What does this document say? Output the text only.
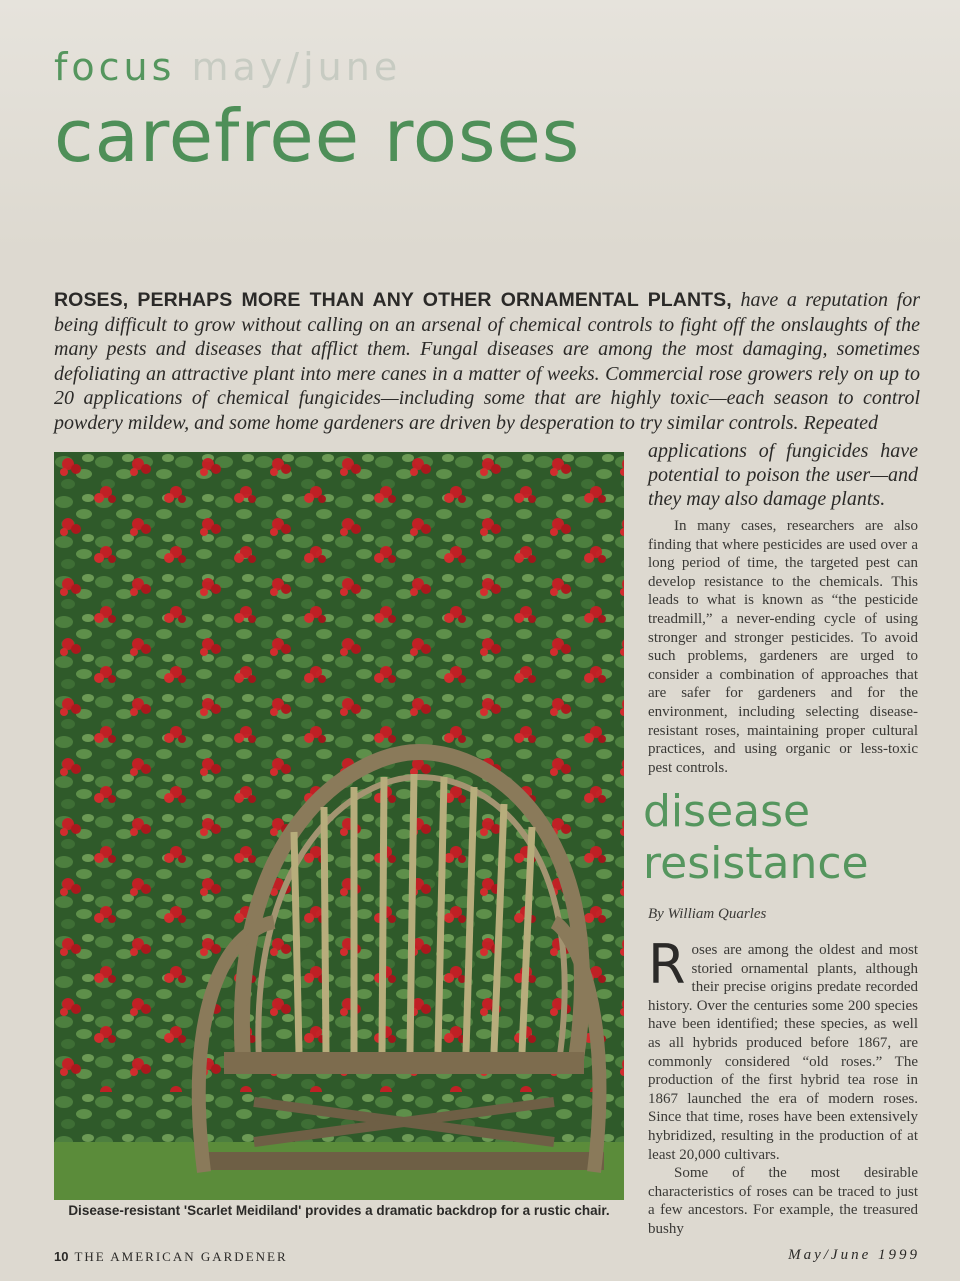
focus may/june
carefree roses
ROSES, PERHAPS MORE THAN ANY OTHER ORNAMENTAL PLANTS, have a reputation for being difficult to grow without calling on an arsenal of chemical controls to fight off the onslaughts of the many pests and diseases that afflict them. Fungal diseases are among the most damaging, sometimes defoliating an attractive plant into mere canes in a matter of weeks. Commercial rose growers rely on up to 20 applications of chemical fungicides—including some that are highly toxic—each season to control powdery mildew, and some home gardeners are driven by desperation to try similar controls. Repeated
applications of fungicides have potential to poison the user—and they may also damage plants.
Disease-resistant 'Scarlet Meidiland' provides a dramatic backdrop for a rustic chair.

In many cases, researchers are also finding that where pesticides are used over a long period of time, the targeted pest can develop resistance to the chemicals. This leads to what is known as “the pesticide treadmill,” a never-ending cycle of using stronger and stronger pesticides. To avoid such problems, gardeners are urged to consider a combination of approaches that are safer for gardeners and for the environment, including selecting disease-resistant roses, maintaining proper cultural practices, and using organic or less-toxic pest controls.

disease
resistance
By William Quarles

Roses are among the oldest and most storied ornamental plants, although their precise origins predate recorded history. Over the centuries some 200 species have been identified; these species, as well as all hybrids produced before 1867, are commonly considered “old roses.” The production of the first hybrid tea rose in 1867 launched the era of modern roses. Since that time, roses have been extensively hybridized, resulting in the production of at least 20,000 cultivars.

Some of the most desirable characteristics of roses can be traced to just a few ancestors. For example, the treasured bushy

10 THE AMERICAN GARDENER	May/June 1999
